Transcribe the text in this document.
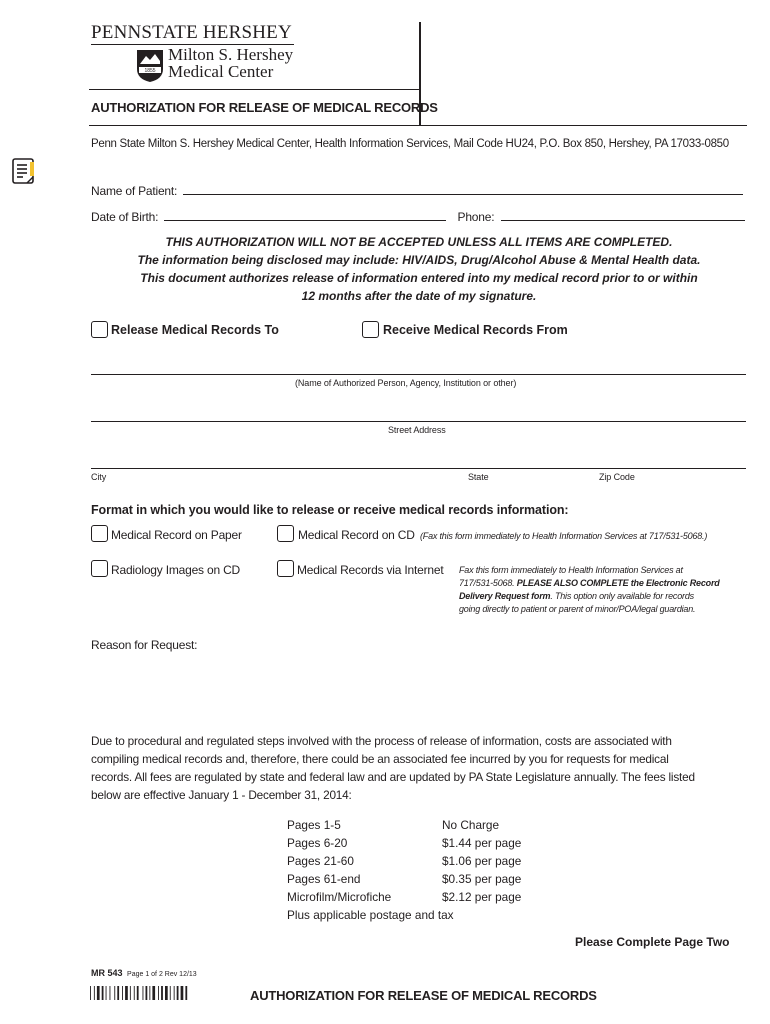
PENNSTATE HERSHEY
1855
Milton S. Hershey
Medical Center
AUTHORIZATION FOR RELEASE OF MEDICAL RECORDS
Penn State Milton S. Hershey Medical Center, Health Information Services, Mail Code HU24, P.O. Box 850, Hershey, PA 17033-0850
Name of Patient:
Date of Birth:	Phone:
THIS AUTHORIZATION WILL NOT BE ACCEPTED UNLESS ALL ITEMS ARE COMPLETED.
The information being disclosed may include: HIV/AIDS, Drug/Alcohol Abuse & Mental Health data.
This document authorizes release of information entered into my medical record prior to or within
12 months after the date of my signature.
Release Medical Records To	Receive Medical Records From
(Name of Authorized Person, Agency, Institution or other)
Street Address
City	State	Zip Code
Format in which you would like to release or receive medical records information:
Medical Record on Paper	Medical Record on CD (Fax this form immediately to Health Information Services at 717/531-5068.)
Radiology Images on CD	Medical Records via Internet Fax this form immediately to Health Information Services at
717/531-5068. PLEASE ALSO COMPLETE the Electronic Record
Delivery Request form. This option only available for records
going directly to patient or parent of minor/POA/legal guardian.
Reason for Request:
Due to procedural and regulated steps involved with the process of release of information, costs are associated with
compiling medical records and, therefore, there could be an associated fee incurred by you for requests for medical
records. All fees are regulated by state and federal law and are updated by PA State Legislature annually. The fees listed
below are effective January 1 - December 31, 2014:
Pages 1-5	No Charge
Pages 6-20	$1.44 per page
Pages 21-60	$1.06 per page
Pages 61-end	$0.35 per page
Microfilm/Microfiche	$2.12 per page
Plus applicable postage and tax
Please Complete Page Two
MR 543 Page 1 of 2 Rev 12/13
AUTHORIZATION FOR RELEASE OF MEDICAL RECORDS
